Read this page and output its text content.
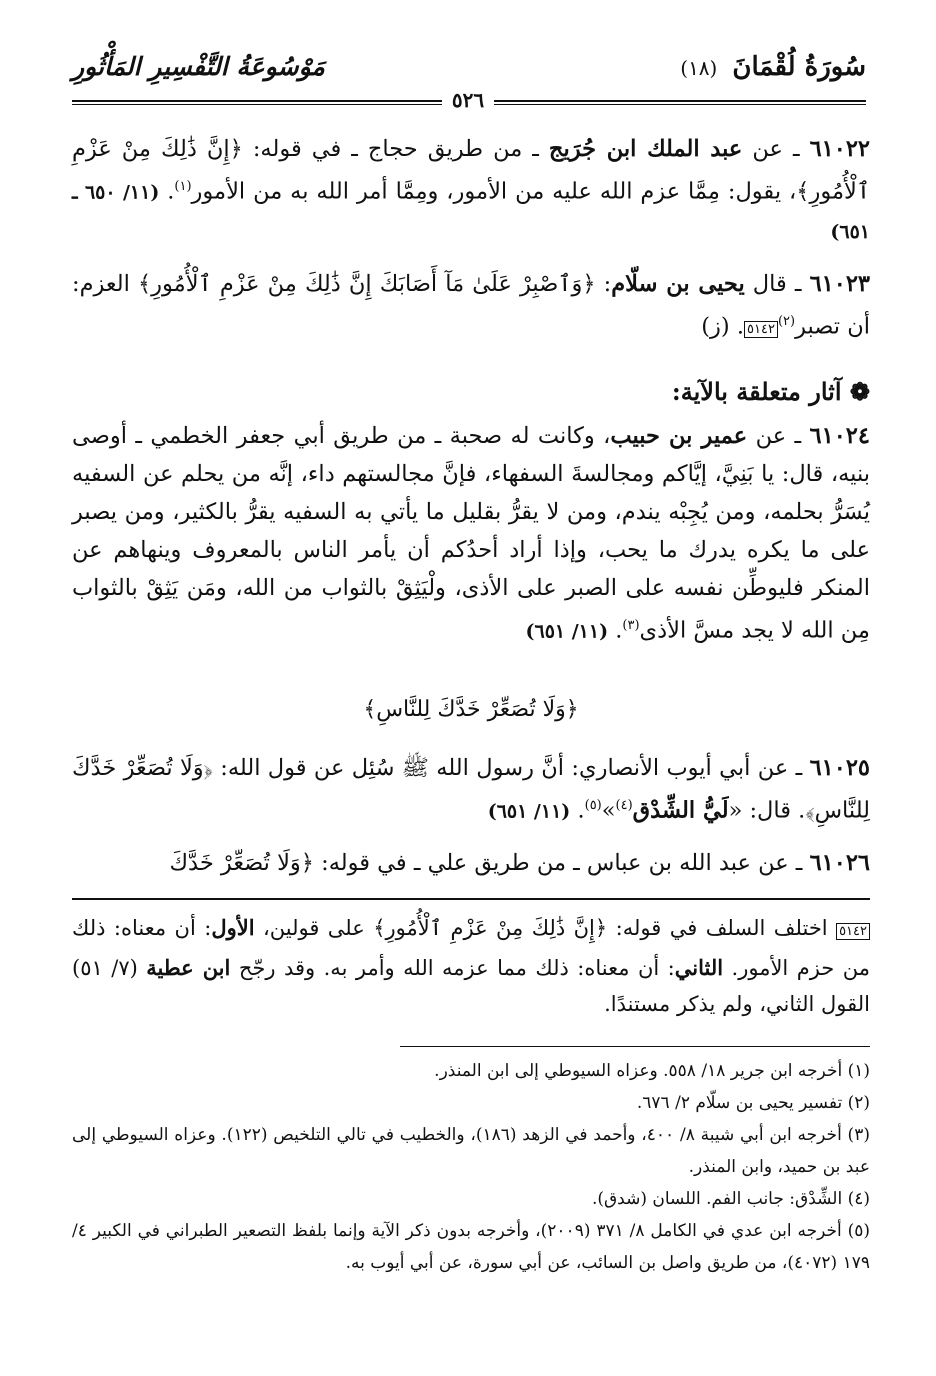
سُورَةُ لُقْمَانَ (١٨)
مَوْسُوعَةُ التَّفْسِيرِ المَأْثُورِ
٥٢٦

٦١٠٢٢ ـ عن عبد الملك ابن جُرَيج ـ من طريق حجاج ـ في قوله: ﴿إِنَّ ذَٰلِكَ مِنْ عَزْمِ ٱلْأُمُورِ﴾، يقول: مِمَّا عزم الله عليه من الأمور، ومِمَّا أمر الله به من الأمور$^{(١)}$. (١١/ ٦٥٠ ـ ٦٥١)

٦١٠٢٣ ـ قال يحيى بن سلّام: ﴿وَٱصْبِرْ عَلَىٰ مَآ أَصَابَكَ إِنَّ ذَٰلِكَ مِنْ عَزْمِ ٱلْأُمُورِ﴾ العزم: أن تصبر$^{(٢)}$٥١٤٢. (ز)

❁ آثار متعلقة بالآية:

٦١٠٢٤ ـ عن عمير بن حبيب، وكانت له صحبة ـ من طريق أبي جعفر الخطمي ـ أوصى بنيه، قال: يا بَنِيَّ، إيَّاكم ومجالسةَ السفهاء، فإنَّ مجالستهم داء، إنَّه من يحلم عن السفيه يُسَرُّ بحلمه، ومن يُجِبْه يندم، ومن لا يقرُّ بقليل ما يأتي به السفيه يقرُّ بالكثير، ومن يصبر على ما يكره يدرك ما يحب، وإذا أراد أحدُكم أن يأمر الناس بالمعروف وينهاهم عن المنكر فليوطِّن نفسه على الصبر على الأذى، ولْيَثِقْ بالثواب من الله، ومَن يَثِقْ بالثواب مِن الله لا يجد مسَّ الأذى$^{(٣)}$. (١١/ ٦٥١)

﴿وَلَا تُصَعِّرْ خَدَّكَ لِلنَّاسِ﴾

٦١٠٢٥ ـ عن أبي أيوب الأنصاري: أنَّ رسول الله ﷺ سُئِل عن قول الله: ﴿وَلَا تُصَعِّرْ خَدَّكَ لِلنَّاسِ﴾. قال: «لَيُّ الشِّدْق$^{(٤)}$»$^{(٥)}$. (١١/ ٦٥١)

٦١٠٢٦ ـ عن عبد الله بن عباس ـ من طريق علي ـ في قوله: ﴿وَلَا تُصَعِّرْ خَدَّكَ

٥١٤٢ اختلف السلف في قوله: ﴿إِنَّ ذَٰلِكَ مِنْ عَزْمِ ٱلْأُمُورِ﴾ على قولين، الأول: أن معناه: ذلك من حزم الأمور. الثاني: أن معناه: ذلك مما عزمه الله وأمر به. وقد رجّح ابن عطية (٧/ ٥١) القول الثاني، ولم يذكر مستندًا.

(١) أخرجه ابن جرير ١٨/ ٥٥٨. وعزاه السيوطي إلى ابن المنذر.

(٢) تفسير يحيى بن سلّام ٢/ ٦٧٦.

(٣) أخرجه ابن أبي شيبة ٨/ ٤٠٠، وأحمد في الزهد (١٨٦)، والخطيب في تالي التلخيص (١٢٢). وعزاه السيوطي إلى عبد بن حميد، وابن المنذر.

(٤) الشِّدْق: جانب الفم. اللسان (شدق).

(٥) أخرجه ابن عدي في الكامل ٨/ ٣٧١ (٢٠٠٩)، وأخرجه بدون ذكر الآية وإنما بلفظ التصعير الطبراني في الكبير ٤/ ١٧٩ (٤٠٧٢)، من طريق واصل بن السائب، عن أبي سورة، عن أبي أيوب به.
